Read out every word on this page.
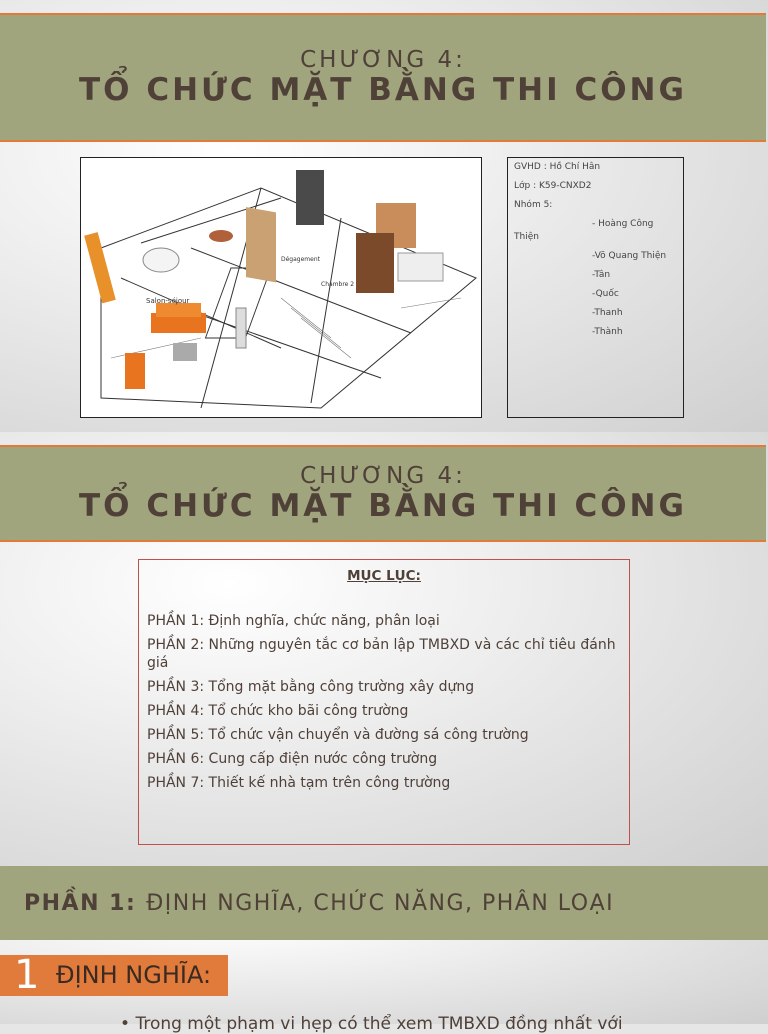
CHƯƠNG 4:
TỔ CHỨC MẶT BẰNG THI CÔNG
Salon-séjour
Dégagement
Chambre 2
GVHD : Hồ Chí Hân
Lớp : K59-CNXD2
Nhóm 5:
- Hoàng Công
Thiện
-Võ Quang Thiện
-Tân
-Quốc
-Thanh
-Thành
CHƯƠNG 4:
TỔ CHỨC MẶT BẰNG THI CÔNG
MỤC LỤC:
PHẦN 1: Định nghĩa, chức năng, phân loại
PHẦN 2: Những nguyên tắc cơ bản lập TMBXD và các chỉ tiêu đánh giá
PHẦN 3: Tổng mặt bằng công trường xây dựng
PHẦN 4: Tổ chức kho bãi công trường
PHẦN 5: Tổ chức vận chuyển và đường sá công trường
PHẦN 6: Cung cấp điện nước công trường
PHẦN 7: Thiết kế nhà tạm trên công trường
PHẦN 1: ĐỊNH NGHĨA, CHỨC NĂNG, PHÂN LOẠI
1 ĐỊNH NGHĨA:
• Trong một phạm vi hẹp có thể xem TMBXD đồng nhất với
